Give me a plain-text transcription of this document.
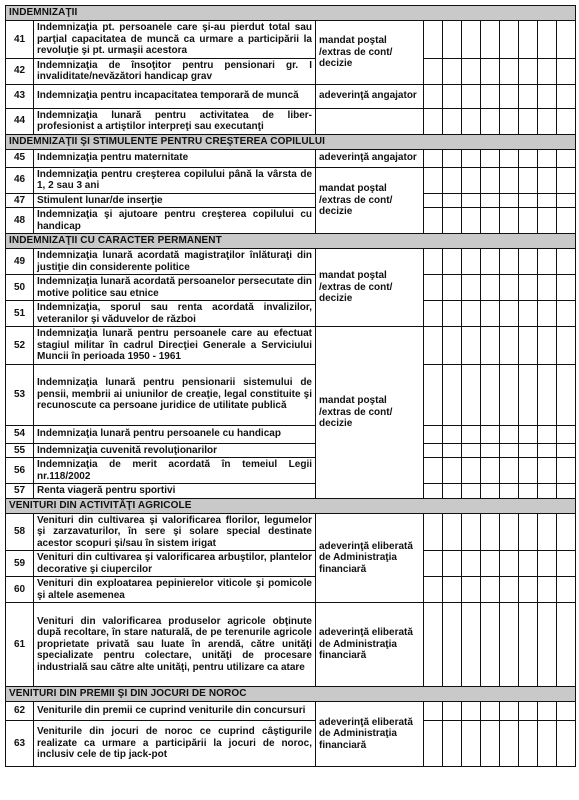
INDEMNIZAŢII										
41	Indemnizaţia pt. persoanele care şi-au pierdut total sau parţial capacitatea de muncă ca urmare a participării la revoluţie şi pt. urmaşii acestora	mandat poştal /extras de cont/ decizie								
42	Indemnizaţia de însoţitor pentru pensionari gr. I invaliditate/nevăzători handicap grav									
43	Indemnizaţia pentru incapacitatea temporară de muncă	adeverinţă angajator								
44	Indemnizaţia lunară pentru activitatea de liber-profesionist a artiştilor interpreţi sau executanţi									
INDEMNIZAŢII ŞI STIMULENTE PENTRU CREŞTEREA COPILULUI										
45	Indemnizaţia pentru maternitate	adeverinţă angajator								
46	Indemnizaţia pentru creşterea copilului până la vârsta de 1, 2 sau 3 ani	mandat poştal /extras de cont/ decizie								
47	Stimulent lunar/de inserţie									
48	Indemnizaţia şi ajutoare pentru creşterea copilului cu handicap									
INDEMNIZAŢII CU CARACTER PERMANENT										
49	Indemnizaţia lunară acordată magistraţilor înlăturaţi din justiţie din considerente politice	mandat poştal /extras de cont/ decizie								
50	Indemnizaţia lunară acordată persoanelor persecutate din motive politice sau etnice									
51	Indemnizaţia, sporul sau renta acordată invalizilor, veteranilor şi văduvelor de război									
52	Indemnizaţia lunară pentru persoanele care au efectuat stagiul militar în cadrul Direcţiei Generale a Serviciului Muncii în perioada 1950 - 1961	mandat poştal /extras de cont/ decizie								
53	Indemnizaţia lunară pentru pensionarii sistemului de pensii, membrii ai uniunilor de creaţie, legal constituite şi recunoscute ca persoane juridice de utilitate publică									
54	Indemnizaţia lunară pentru persoanele cu handicap									
55	Indemnizaţia cuvenită revoluţionarilor									
56	Indemnizaţia de merit acordată în temeiul Legii nr.118/2002									
57	Renta viageră pentru sportivi									
VENITURI DIN ACTIVITĂŢI AGRICOLE										
58	Venituri din cultivarea şi valorificarea florilor, legumelor şi zarzavaturilor, în sere şi solare special destinate acestor scopuri şi/sau în sistem irigat	adeverinţă eliberată de Administraţia financiară								
59	Venituri din cultivarea şi valorificarea arbuştilor, plantelor decorative şi ciupercilor									
60	Venituri din exploatarea pepinierelor viticole şi pomicole şi altele asemenea									
61	Venituri din valorificarea produselor agricole obţinute după recoltare, în stare naturală, de pe terenurile agricole proprietate privată sau luate în arendă, către unităţi specializate pentru colectare, unităţi de procesare industrială sau către alte unităţi, pentru utilizare ca atare	adeverinţă eliberată de Administraţia financiară								
VENITURI DIN PREMII ŞI DIN JOCURI DE NOROC										
62	Veniturile din premii ce cuprind veniturile din concursuri	adeverinţă eliberată de Administraţia financiară								
63	Veniturile din jocuri de noroc ce cuprind câştigurile realizate ca urmare a participării la jocuri de noroc, inclusiv cele de tip jack-pot									
